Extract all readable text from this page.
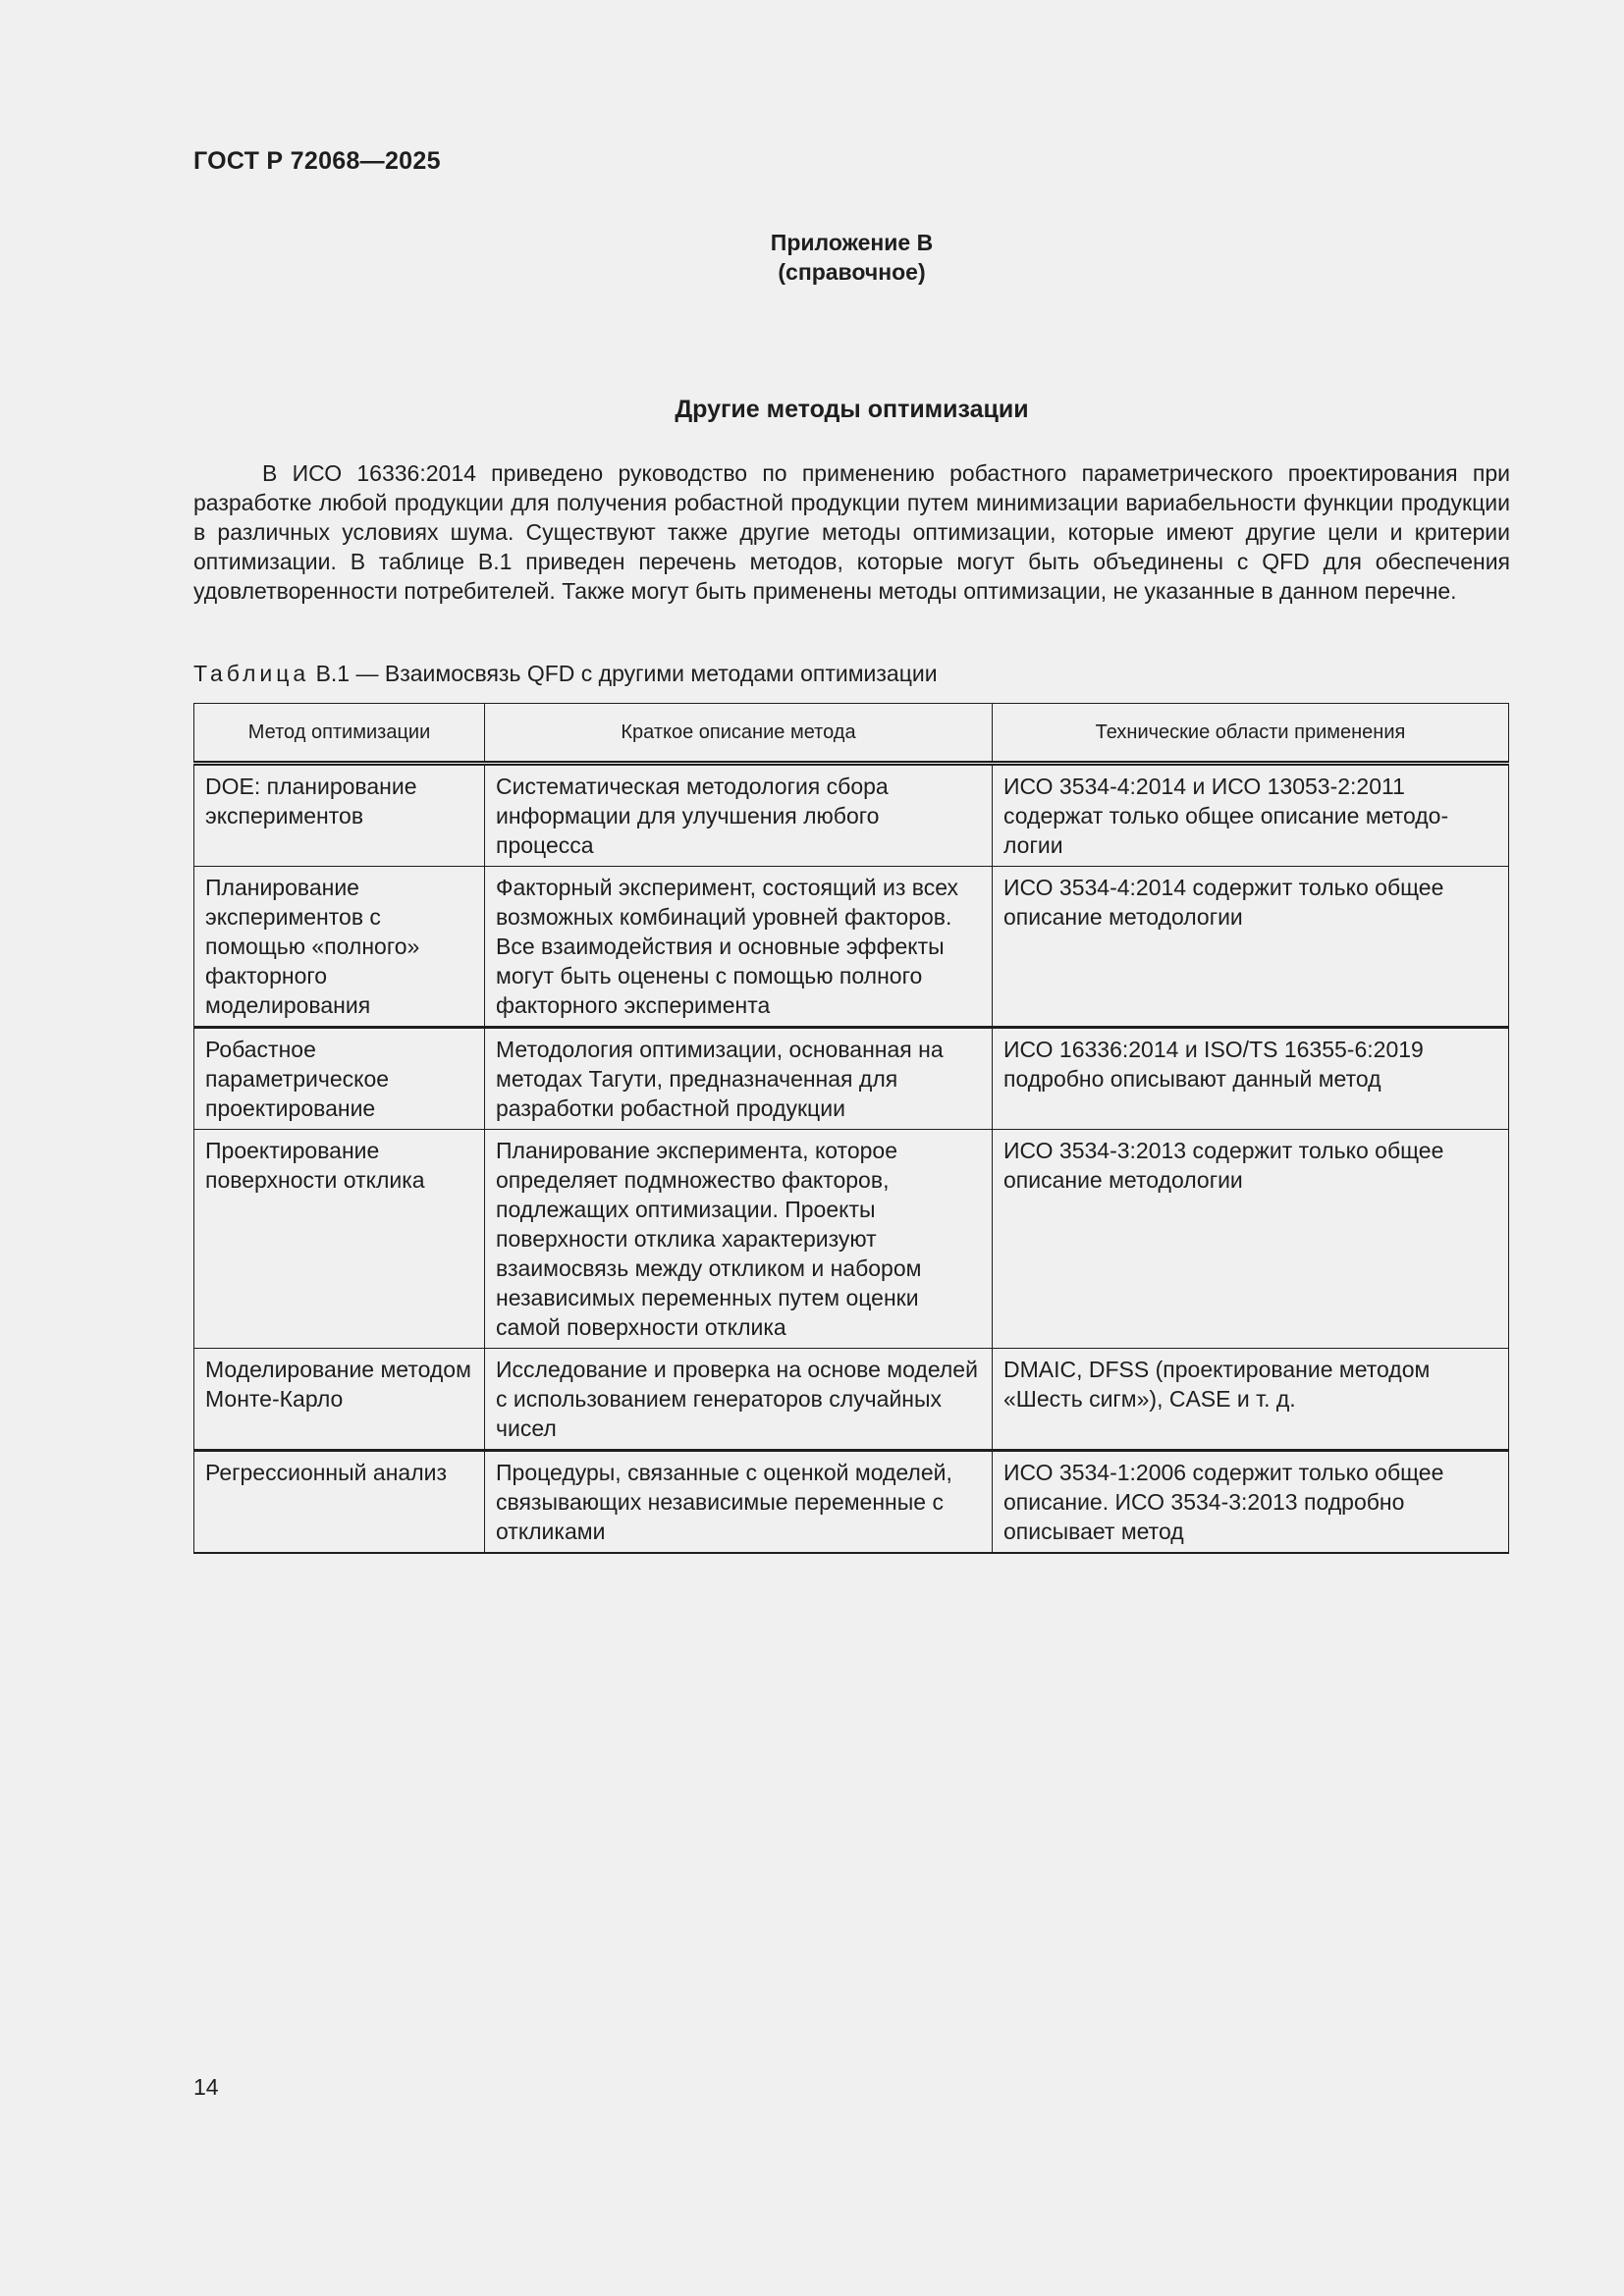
ГОСТ Р 72068—2025
Приложение В
(справочное)
Другие методы оптимизации

В ИСО 16336:2014 приведено руководство по применению робастного параметрического проектирования при разработке любой продукции для получения робастной продукции путем минимизации вариабельности функции продукции в различных условиях шума. Существуют также другие методы оптимизации, которые имеют другие цели и критерии оптимизации. В таблице В.1 приведен перечень методов, которые могут быть объединены с QFD для обеспечения удовлетворенности потребителей. Также могут быть применены методы оптимизации, не указанные в данном перечне.

Таблица В.1 — Взаимосвязь QFD с другими методами оптимизации
Метод оптимизации	Краткое описание метода	Технические области применения
DOE: планирование экспериментов	Систематическая методология сбора информации для улучшения любого процесса	ИСО 3534-4:2014 и ИСО 13053-2:2011 содержат только общее описание методологии
Планирование экспериментов с помощью «полного» факторного моделирования	Факторный эксперимент, состоящий из всех возможных комбинаций уровней факторов. Все взаимодействия и основные эффекты могут быть оценены с помощью полного факторного эксперимента	ИСО 3534-4:2014 содержит только общее описание методологии
Робастное параметрическое проектирование	Методология оптимизации, основанная на методах Тагути, предназначенная для разработки робастной продукции	ИСО 16336:2014 и ISO/TS 16355-6:2019 подробно описывают данный метод
Проектирование поверхности отклика	Планирование эксперимента, которое определяет подмножество факторов, подлежащих оптимизации. Проекты поверхности отклика характеризуют взаимосвязь между откликом и набором независимых переменных путем оценки самой поверхности отклика	ИСО 3534-3:2013 содержит только общее описание методологии
Моделирование методом Монте-Карло	Исследование и проверка на основе моделей с использованием генераторов случайных чисел	DMAIC, DFSS (проектирование методом «Шесть сигм»), CASE и т. д.
Регрессионный анализ	Процедуры, связанные с оценкой моделей, связывающих независимые переменные с откликами	ИСО 3534-1:2006 содержит только общее описание. ИСО 3534-3:2013 подробно описывает метод
14
